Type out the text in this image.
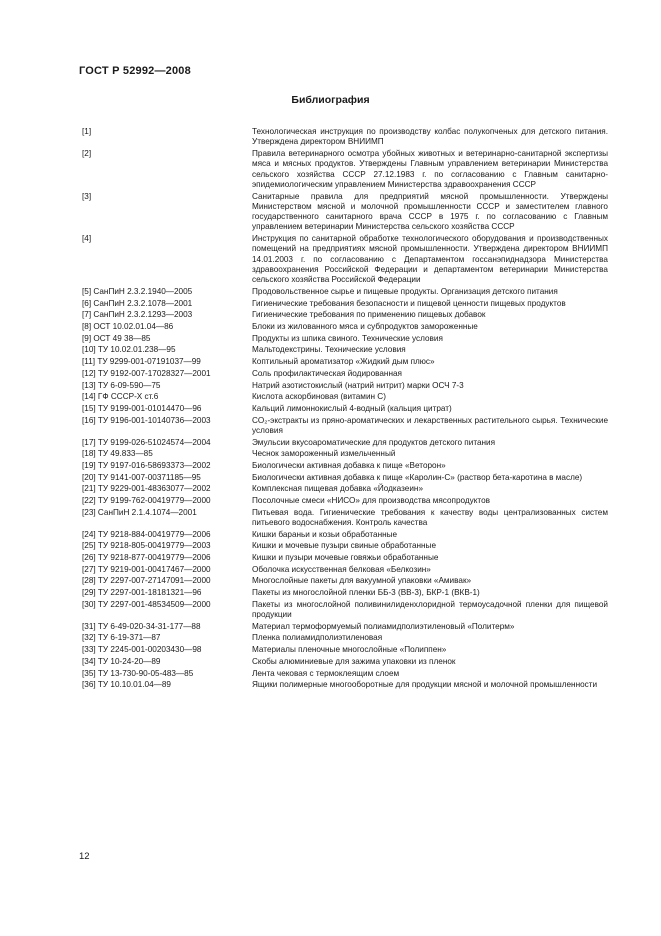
ГОСТ Р 52992—2008
Библиография
[1]	Технологическая инструкция по производству колбас полукопченых для детского питания. Утверждена директором ВНИИМП
[2]	Правила ветеринарного осмотра убойных животных и ветеринарно-санитарной экспертизы мяса и мясных продуктов. Утверждены Главным управлением ветеринарии Министерства сельского хозяйства СССР 27.12.1983 г. по согласованию с Главным санитарно-эпидемиологическим управлением Министерства здравоохранения СССР
[3]	Санитарные правила для предприятий мясной промышленности. Утверждены Министерством мясной и молочной промышленности СССР и заместителем главного государственного санитарного врача СССР в 1975 г. по согласованию с Главным управлением ветеринарии Министерства сельского хозяйства СССР
[4]	Инструкция по санитарной обработке технологического оборудования и производственных помещений на предприятиях мясной промышленности. Утверждена директором ВНИИМП 14.01.2003 г. по согласованию с Департаментом госсанэпиднадзора Министерства здравоохранения Российской Федерации и департаментом ветеринарии Министерства сельского хозяйства Российской Федерации
[5] СанПиН 2.3.2.1940—2005	Продовольственное сырье и пищевые продукты. Организация детского питания
[6] СанПиН 2.3.2.1078—2001	Гигиенические требования безопасности и пищевой ценности пищевых продуктов
[7] СанПиН 2.3.2.1293—2003	Гигиенические требования по применению пищевых добавок
[8] ОСТ 10.02.01.04—86	Блоки из жилованного мяса и субпродуктов замороженные
[9] ОСТ 49 38—85	Продукты из шпика свиного. Технические условия
[10] ТУ 10.02.01.238—95	Мальтодекстрины. Технические условия
[11] ТУ 9299-001-07191037—99	Коптильный ароматизатор «Жидкий дым плюс»
[12] ТУ 9192-007-17028327—2001	Соль профилактическая йодированная
[13] ТУ 6-09-590—75	Натрий азотистокислый (натрий нитрит) марки ОСЧ 7-3
[14] ГФ СССР-Х ст.6	Кислота аскорбиновая (витамин С)
[15] ТУ 9199-001-01014470—96	Кальций лимоннокислый 4-водный (кальция цитрат)
[16] ТУ 9196-001-10140736—2003	CO₂-экстракты из пряно-ароматических и лекарственных растительного сырья. Технические условия
[17] ТУ 9199-026-51024574—2004	Эмульсии вкусоароматические для продуктов детского питания
[18] ТУ 49.833—85	Чеснок замороженный измельченный
[19] ТУ 9197-016-58693373—2002	Биологически активная добавка к пище «Веторон»
[20] ТУ 9141-007-00371185—95	Биологически активная добавка к пище «Каролин-С» (раствор бета-каротина в масле)
[21] ТУ 9229-001-48363077—2002	Комплексная пищевая добавка «Йодказеин»
[22] ТУ 9199-762-00419779—2000	Посолочные смеси «НИСО» для производства мясопродуктов
[23] СанПиН 2.1.4.1074—2001	Питьевая вода. Гигиенические требования к качеству воды централизованных систем питьевого водоснабжения. Контроль качества
[24] ТУ 9218-884-00419779—2006	Кишки бараньи и козьи обработанные
[25] ТУ 9218-805-00419779—2003	Кишки и мочевые пузыри свиные обработанные
[26] ТУ 9218-877-00419779—2006	Кишки и пузыри мочевые говяжьи обработанные
[27] ТУ 9219-001-00417467—2000	Оболочка искусственная белковая «Белкозин»
[28] ТУ 2297-007-27147091—2000	Многослойные пакеты для вакуумной упаковки «Амивак»
[29] ТУ 2297-001-18181321—96	Пакеты из многослойной пленки ББ-3 (ВВ-3), БКР-1 (ВКВ-1)
[30] ТУ 2297-001-48534509—2000	Пакеты из многослойной поливинилиденхлоридной термоусадочной пленки для пищевой продукции
[31] ТУ 6-49-020-34-31-177—88	Материал термоформуемый полиамидполиэтиленовый «Политерм»
[32] ТУ 6-19-371—87	Пленка полиамидполиэтиленовая
[33] ТУ 2245-001-00203430—98	Материалы пленочные многослойные «Полиппен»
[34] ТУ 10-24-20—89	Скобы алюминиевые для зажима упаковки из пленок
[35] ТУ 13-730-90-05-483—85	Лента чековая с термоклеящим слоем
[36] ТУ 10.10.01.04—89	Ящики полимерные многооборотные для продукции мясной и молочной промышленности
12
